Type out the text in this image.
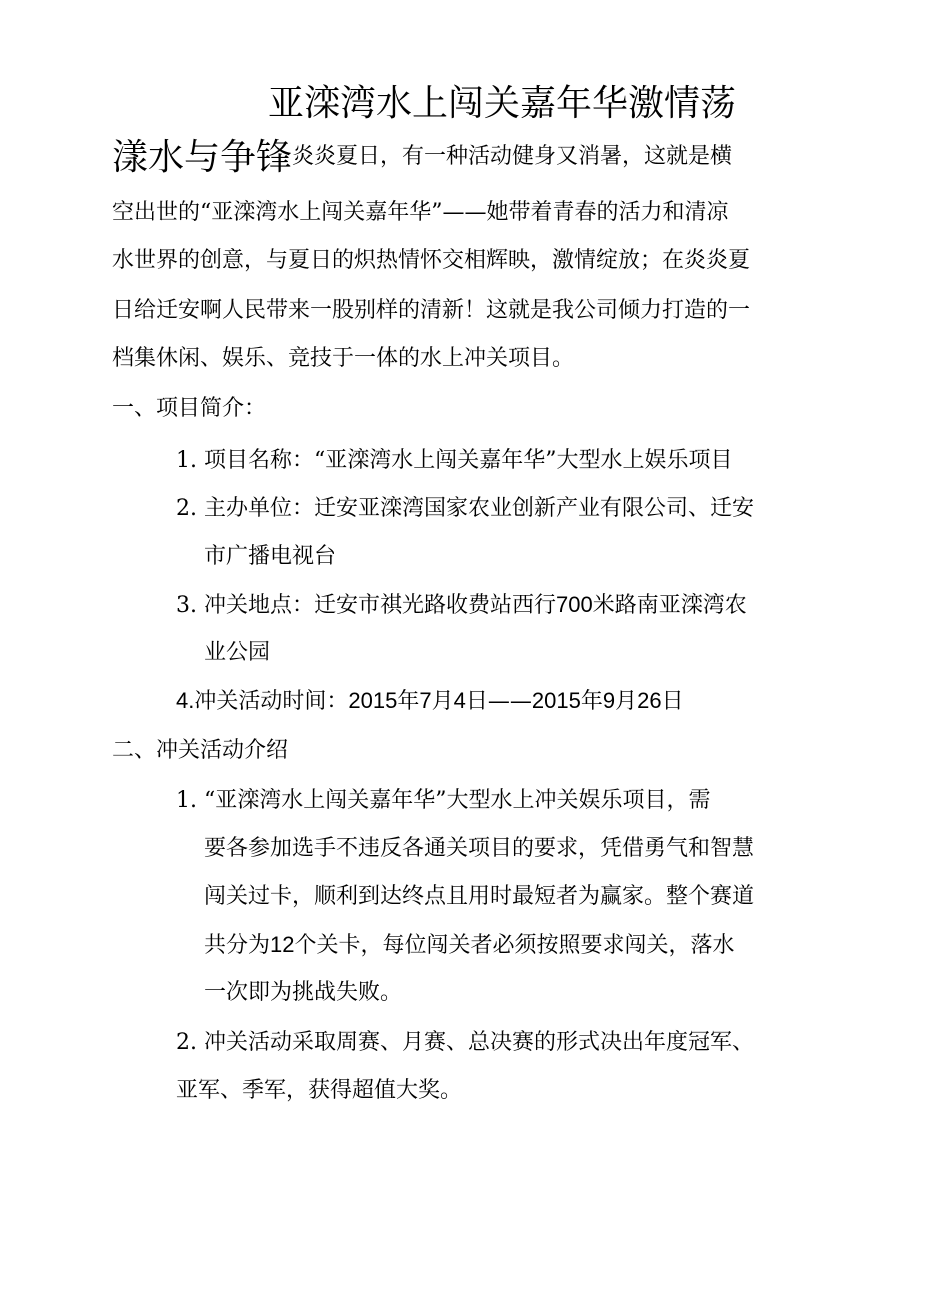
亚滦湾水上闯关嘉年华激情荡
漾水与争锋炎炎夏日，有一种活动健身又消暑，这就是横
空出世的“亚滦湾水上闯关嘉年华”——她带着青春的活力和清凉
水世界的创意，与夏日的炽热情怀交相辉映，激情绽放；在炎炎夏
日给迁安啊人民带来一股别样的清新！这就是我公司倾力打造的一
档集休闲、娱乐、竞技于一体的水上冲关项目。
一、项目简介：
1. 项目名称：“亚滦湾水上闯关嘉年华”大型水上娱乐项目
2. 主办单位：迁安亚滦湾国家农业创新产业有限公司、迁安
市广播电视台
3. 冲关地点：迁安市祺光路收费站西行700米路南亚滦湾农
业公园
4.冲关活动时间：2015年7月4日——2015年9月26日
二、冲关活动介绍
1. “亚滦湾水上闯关嘉年华”大型水上冲关娱乐项目，需
要各参加选手不违反各通关项目的要求，凭借勇气和智慧
闯关过卡，顺利到达终点且用时最短者为赢家。整个赛道
共分为12个关卡，每位闯关者必须按照要求闯关，落水
一次即为挑战失败。
2. 冲关活动采取周赛、月赛、总决赛的形式决出年度冠军、
亚军、季军，获得超值大奖。
